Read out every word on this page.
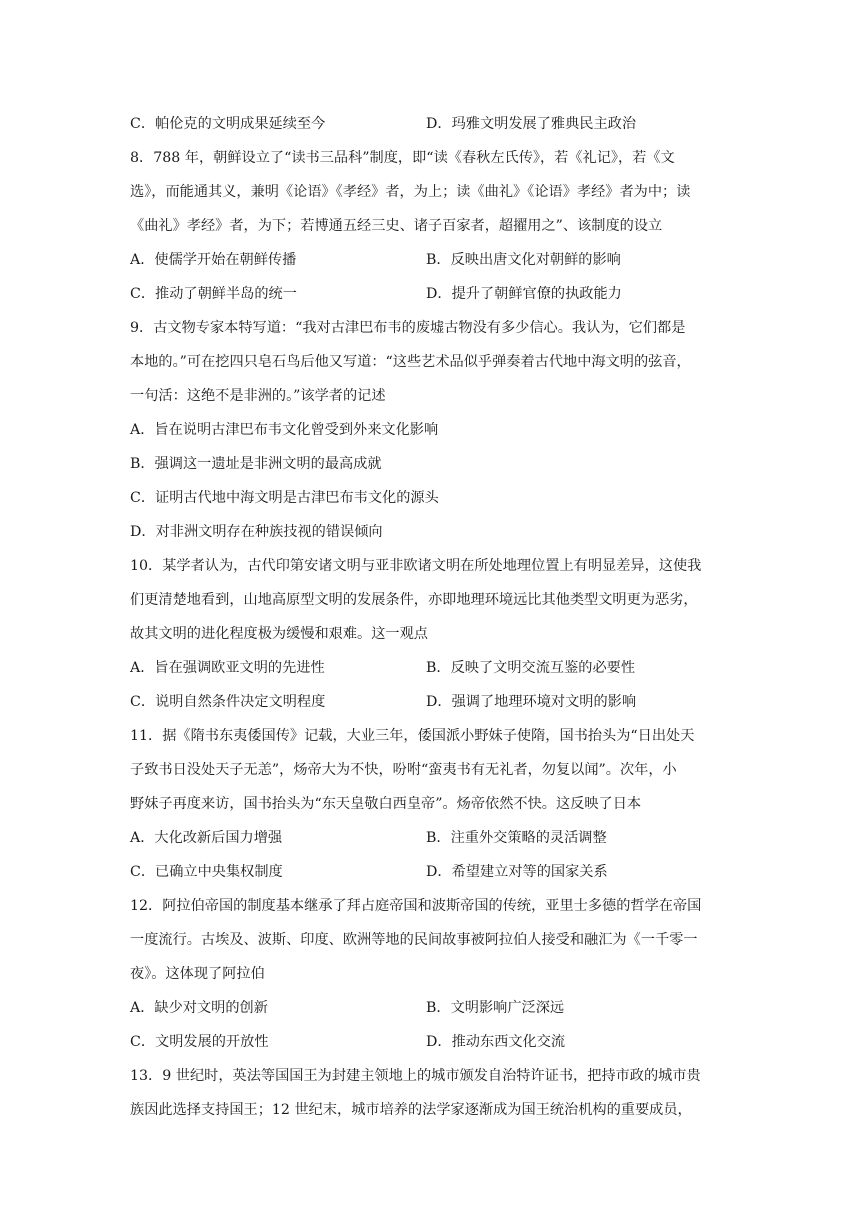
C．帕伦克的文明成果延续至今	D．玛雅文明发展了雅典民主政治
8．788 年，朝鲜设立了“读书三品科”制度，即“读《春秋左氏传》，若《礼记》，若《文
选》，而能通其义，兼明《论语》《孝经》者，为上；读《曲礼》《论语》孝经》者为中；读
《曲礼》孝经》者，为下；若博通五经三史、诸子百家者，超擢用之”、该制度的设立
A．使儒学开始在朝鲜传播	B．反映出唐文化对朝鲜的影响
C．推动了朝鲜半岛的统一	D．提升了朝鲜官僚的执政能力
9．古文物专家本特写道：“我对古津巴布韦的废墟古物没有多少信心。我认为，它们都是
本地的。”可在挖四只皂石鸟后他又写道：“这些艺术品似乎弹奏着古代地中海文明的弦音，
一句活：这绝不是非洲的。”该学者的记述
A．旨在说明古津巴布韦文化曾受到外来文化影响
B．强调这一遗址是非洲文明的最高成就
C．证明古代地中海文明是古津巴布韦文化的源头
D．对非洲文明存在种族技视的错误倾向
10．某学者认为，古代印第安诸文明与亚非欧诸文明在所处地理位置上有明显差异，这使我
们更清楚地看到，山地高原型文明的发展条件，亦即地理环境远比其他类型文明更为恶劣，
故其文明的进化程度极为缓慢和艰难。这一观点
A．旨在强调欧亚文明的先进性	B．反映了文明交流互鉴的必要性
C．说明自然条件决定文明程度	D．强调了地理环境对文明的影响
11．据《隋书东夷倭国传》记载，大业三年，倭国派小野妹子使隋，国书抬头为“日出处天
子致书日没处天子无恙”，炀帝大为不快，吩咐“蛮夷书有无礼者，勿复以闻”。次年，小
野妹子再度来访，国书抬头为“东天皇敬白西皇帝”。炀帝依然不快。这反映了日本
A．大化改新后国力增强	B．注重外交策略的灵活调整
C．已确立中央集权制度	D．希望建立对等的国家关系
12．阿拉伯帝国的制度基本继承了拜占庭帝国和波斯帝国的传统，亚里士多德的哲学在帝国
一度流行。古埃及、波斯、印度、欧洲等地的民间故事被阿拉伯人接受和融汇为《一千零一
夜》。这体现了阿拉伯
A．缺少对文明的创新	B．文明影响广泛深远
C．文明发展的开放性	D．推动东西文化交流
13．9 世纪时，英法等国国王为封建主领地上的城市颁发自治特许证书，把持市政的城市贵
族因此选择支持国王；12 世纪末，城市培养的法学家逐渐成为国王统治机构的重要成员，
